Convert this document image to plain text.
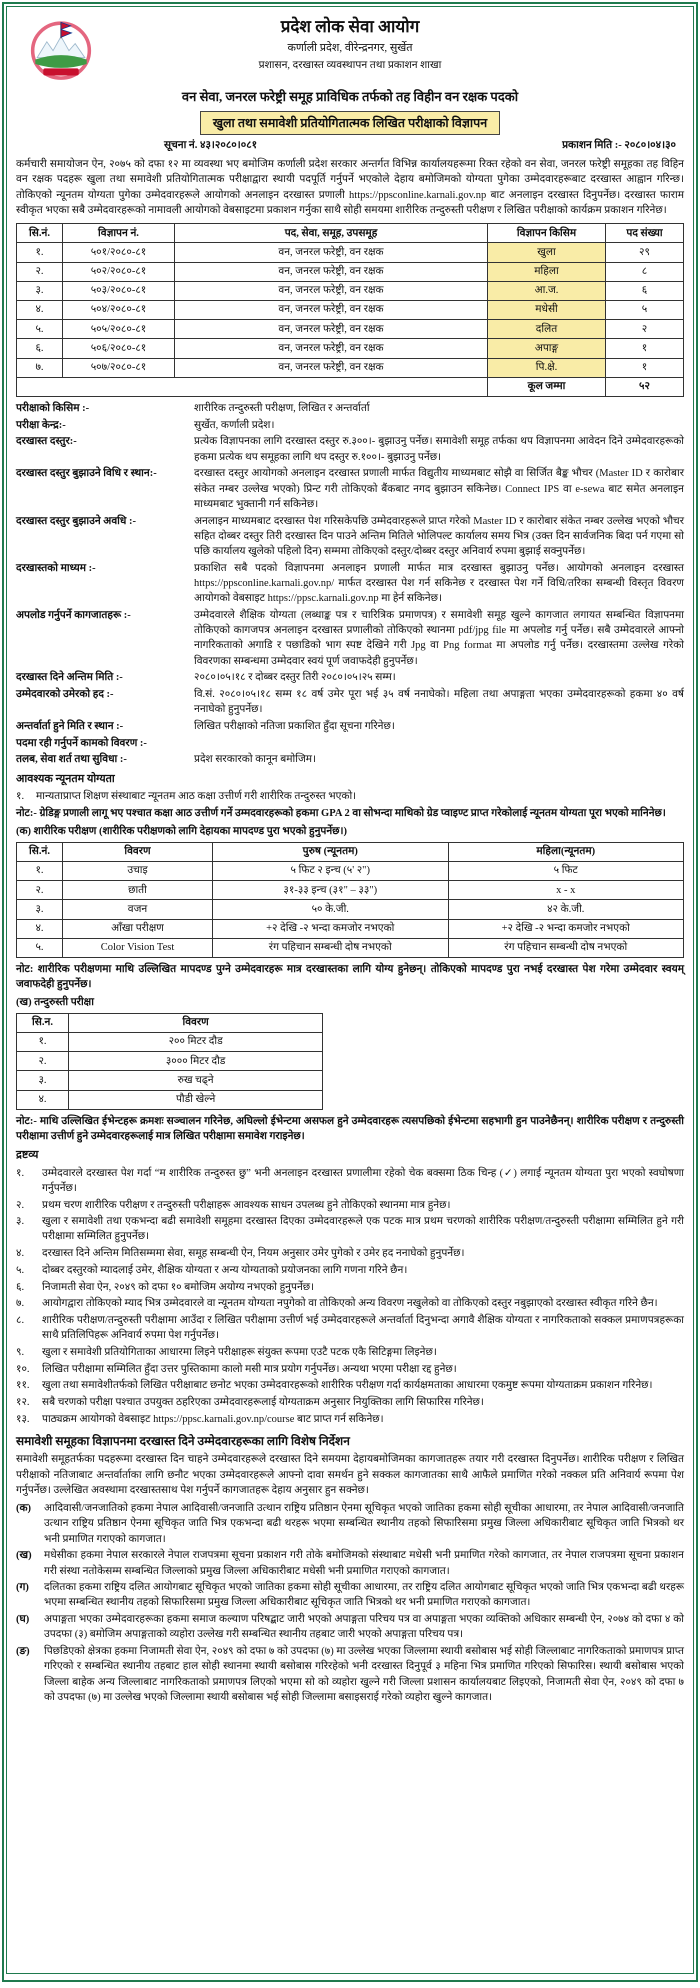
प्रदेश लोक सेवा आयोग
कर्णाली प्रदेश, वीरेन्द्रनगर, सुर्खेत
प्रशासन, दरखास्त व्यवस्थापन तथा प्रकाशन शाखा
वन सेवा, जनरल फरेष्ट्री समूह प्राविधिक तर्फको तह विहीन वन रक्षक पदको
खुला तथा समावेशी प्रतियोगितात्मक लिखित परीक्षाको विज्ञापन
सूचना नं. ४३।२०८०।०८१	प्रकाशन मिति :- २०८०।०४।३०

कर्मचारी समायोजन ऐन, २०७५ को दफा १२ मा व्यवस्था भए बमोजिम कर्णाली प्रदेश सरकार अन्तर्गत विभिन्न कार्यालयहरूमा रिक्त रहेको वन सेवा, जनरल फरेष्ट्री समूहका तह विहिन वन रक्षक पदहरू खुला तथा समावेशी प्रतियोगितात्मक परीक्षाद्वारा स्थायी पदपूर्ति गर्नुपर्ने भएकोले देहाय बमोजिमको योग्यता पुगेका उम्मेदवारहरूबाट दरखास्त आह्वान गरिन्छ। तोकिएको न्यूनतम योग्यता पुगेका उम्मेदवारहरूले आयोगको अनलाइन दरखास्त प्रणाली https://ppsconline.karnali.gov.np बाट अनलाइन दरखास्त दिनुपर्नेछ। दरखास्त फाराम स्वीकृत भएका सबै उम्मेदवारहरूको नामावली आयोगको वेबसाइटमा प्रकाशन गर्नुका साथै सोही समयमा शारीरिक तन्दुरुस्ती परीक्षण र लिखित परीक्षाको कार्यक्रम प्रकाशन गरिनेछ।

सि.नं.	विज्ञापन नं.	पद, सेवा, समूह, उपसमूह	विज्ञापन किसिम	पद संख्या
१.	५०१/२०८०-८१	वन, जनरल फरेष्ट्री, वन रक्षक	खुला	२९
२.	५०२/२०८०-८१	वन, जनरल फरेष्ट्री, वन रक्षक	महिला	८
३.	५०३/२०८०-८१	वन, जनरल फरेष्ट्री, वन रक्षक	आ.ज.	६
४.	५०४/२०८०-८१	वन, जनरल फरेष्ट्री, वन रक्षक	मधेसी	५
५.	५०५/२०८०-८१	वन, जनरल फरेष्ट्री, वन रक्षक	दलित	२
६.	५०६/२०८०-८१	वन, जनरल फरेष्ट्री, वन रक्षक	अपाङ्ग	१
७.	५०७/२०८०-८१	वन, जनरल फरेष्ट्री, वन रक्षक	पि.क्षे.	१
			कूल जम्मा	५२
परीक्षाको किसिम :-	शारीरिक तन्दुरुस्ती परीक्षण, लिखित र अन्तर्वार्ता
परीक्षा केन्द्र:-	सुर्खेत, कर्णाली प्रदेश।
दरखास्त दस्तुर:-	प्रत्येक विज्ञापनका लागि दरखास्त दस्तुर रु.३००।- बुझाउनु पर्नेछ। समावेशी समूह तर्फका थप विज्ञापनमा आवेदन दिने उम्मेदवारहरूको हकमा प्रत्येक थप समूहका लागि थप दस्तुर रु.१००।- बुझाउनु पर्नेछ।
दरखास्त दस्तुर बुझाउने विधि र स्थान:-	दरखास्त दस्तुर आयोगको अनलाइन दरखास्त प्रणाली मार्फत विद्युतीय माध्यमबाट सोझै वा सिर्जित बैङ्क भौचर (Master ID र कारोबार संकेत नम्बर उल्लेख भएको) प्रिन्ट गरी तोकिएको बैंकबाट नगद बुझाउन सकिनेछ। Connect IPS वा e-sewa बाट समेत अनलाइन माध्यमबाट भुक्तानी गर्न सकिनेछ।
दरखास्त दस्तुर बुझाउने अवधि :-	अनलाइन माध्यमबाट दरखास्त पेश गरिसकेपछि उम्मेदवारहरूले प्राप्त गरेको Master ID र कारोबार संकेत नम्बर उल्लेख भएको भौचर सहित दोब्बर दस्तुर तिरी दरखास्त दिन पाउने अन्तिम मितिले भोलिपल्ट कार्यालय समय भित्र (उक्त दिन सार्वजनिक बिदा पर्न गएमा सो पछि कार्यालय खुलेको पहिलो दिन) सम्ममा तोकिएको दस्तुर/दोब्बर दस्तुर अनिवार्य रुपमा बुझाई सक्नुपर्नेछ।
दरखास्तको माध्यम :-	प्रकाशित सबै पदको विज्ञापनमा अनलाइन प्रणाली मार्फत मात्र दरखास्त बुझाउनु पर्नेछ। आयोगको अनलाइन दरखास्त https://ppsconline.karnali.gov.np/ मार्फत दरखास्त पेश गर्न सकिनेछ र दरखास्त पेश गर्ने विधि/तरिका सम्बन्धी विस्तृत विवरण आयोगको वेबसाइट https://ppsc.karnali.gov.np मा हेर्न सकिनेछ।
अपलोड गर्नुपर्ने कागजातहरू :-	उम्मेदवारले शैक्षिक योग्यता (लब्धाङ्क पत्र र चारित्रिक प्रमाणपत्र) र समावेशी समूह खुल्ने कागजात लगायत सम्बन्धित विज्ञापनमा तोकिएको कागजपत्र अनलाइन दरखास्त प्रणालीको तोकिएको स्थानमा pdf/jpg file मा अपलोड गर्नु पर्नेछ। सबै उम्मेदवारले आफ्नो नागरिकताको अगाडि र पछाडिको भाग स्पष्ट देखिने गरी Jpg वा Png format मा अपलोड गर्नु पर्नेछ। दरखास्तमा उल्लेख गरेको विवरणका सम्बन्धमा उम्मेदवार स्वयं पूर्ण जवाफदेही हुनुपर्नेछ।
दरखास्त दिने अन्तिम मिति :-	२०८०।०५।१८ र दोब्बर दस्तुर तिरी २०८०।०५।२५ सम्म।
उम्मेदवारको उमेरको हद :-	वि.सं. २०८०।०५।१८ सम्म १८ वर्ष उमेर पूरा भई ३५ वर्ष ननाघेको। महिला तथा अपाङ्गता भएका उम्मेदवारहरूको हकमा ४० वर्ष ननाघेको हुनुपर्नेछ।
अन्तर्वार्ता हुने मिति र स्थान :-	लिखित परीक्षाको नतिजा प्रकाशित हुँदा सूचना गरिनेछ।
पदमा रही गर्नुपर्ने कामको विवरण :-
तलब, सेवा शर्त तथा सुविधा :-	प्रदेश सरकारको कानून बमोजिम।
आवश्यक न्यूनतम योग्यता
१.	मान्यताप्राप्त शिक्षण संस्थाबाट न्यूनतम आठ कक्षा उत्तीर्ण गरी शारीरिक तन्दुरुस्त भएको।
नोट:- ग्रेडिङ्ग प्रणाली लागू भए पश्चात कक्षा आठ उत्तीर्ण गर्ने उम्मदवारहरूको हकमा GPA 2 वा सोभन्दा माथिको ग्रेड प्वाइण्ट प्राप्त गरेकोलाई न्यूनतम योग्यता पूरा भएको मानिनेछ।
(क) शारीरिक परीक्षण (शारीरिक परीक्षणको लागि देहायका मापदण्ड पुरा भएको हुनुपर्नेछ।)
सि.नं.	विवरण	पुरुष (न्यूनतम)	महिला(न्यूनतम)
१.	उचाइ	५ फिट २ इन्च (५' २")	५ फिट
२.	छाती	३१-३३ इन्च (३१" – ३३")	x - x
३.	वजन	५० के.जी.	४२ के.जी.
४.	आँखा परीक्षण	+२ देखि -२ भन्दा कमजोर नभएको	+२ देखि -२ भन्दा कमजोर नभएको
५.	Color Vision Test	रंग पहिचान सम्बन्धी दोष नभएको	रंग पहिचान सम्बन्धी दोष नभएको
नोट: शारीरिक परीक्षणमा माथि उल्लिखित मापदण्ड पुग्ने उम्मेदवारहरू मात्र दरखास्तका लागि योग्य हुनेछन्। तोकिएको मापदण्ड पुरा नभई दरखास्त पेश गरेमा उम्मेदवार स्वयम् जवाफदेही हुनुपर्नेछ।
(ख) तन्दुरुस्ती परीक्षा
सि.न.	विवरण
१.	२०० मिटर दौड
२.	३००० मिटर दौड
३.	रुख चढ्ने
४.	पौडी खेल्ने
नोट:- माथि उल्लिखित ईभेन्टहरू क्रमशः सञ्चालन गरिनेछ, अघिल्लो ईभेन्टमा असफल हुने उम्मेदवारहरू त्यसपछिको ईभेन्टमा सहभागी हुन पाउनेछैनन्। शारीरिक परीक्षण र तन्दुरुस्ती परीक्षामा उत्तीर्ण हुने उम्मेदवारहरूलाई मात्र लिखित परीक्षामा समावेश गराइनेछ।
द्रष्टव्य
१.	उम्मेदवारले दरखास्त पेश गर्दा “म शारीरिक तन्दुरुस्त छु” भनी अनलाइन दरखास्त प्रणालीमा रहेको चेक बक्समा ठिक चिन्ह (✓) लगाई न्यूनतम योग्यता पुरा भएको स्वघोषणा गर्नुपर्नेछ।
२.	प्रथम चरण शारीरिक परीक्षण र तन्दुरुस्ती परीक्षाहरू आवश्यक साधन उपलब्ध हुने तोकिएको स्थानमा मात्र हुनेछ।
३.	खुला र समावेशी तथा एकभन्दा बढी समावेशी समूहमा दरखास्त दिएका उम्मेदवारहरूले एक पटक मात्र प्रथम चरणको शारीरिक परीक्षण/तन्दुरुस्ती परीक्षामा सम्मिलित हुने गरी परीक्षामा सम्मिलित हुनुपर्नेछ।
४.	दरखास्त दिने अन्तिम मितिसम्ममा सेवा, समूह सम्बन्धी ऐन, नियम अनुसार उमेर पुगेको र उमेर हद ननाघेको हुनुपर्नेछ।
५.	दोब्बर दस्तुरको म्यादलाई उमेर, शैक्षिक योग्यता र अन्य योग्यताको प्रयोजनका लागि गणना गरिने छैन।
६.	निजामती सेवा ऐन, २०४९ को दफा १० बमोजिम अयोग्य नभएको हुनुपर्नेछ।
७.	आयोगद्वारा तोकिएको म्याद भित्र उम्मेदवारले वा न्यूनतम योग्यता नपुगेको वा तोकिएको अन्य विवरण नखुलेको वा तोकिएको दस्तुर नबुझाएको दरखास्त स्वीकृत गरिने छैन।
८.	शारीरिक परीक्षण/तन्दुरुस्ती परीक्षामा आउँदा र लिखित परीक्षामा उत्तीर्ण भई उम्मेदवारहरूले अन्तर्वार्ता दिनुभन्दा अगावै शैक्षिक योग्यता र नागरिकताको सक्कल प्रमाणपत्रहरूका साथै प्रतिलिपिहरू अनिवार्य रुपमा पेश गर्नुपर्नेछ।
९.	खुला र समावेशी प्रतियोगिताका आधारमा लिइने परीक्षाहरू संयुक्त रूपमा एउटै पटक एकै सिटिङ्गमा लिइनेछ।
१०.	लिखित परीक्षामा सम्मिलित हुँदा उत्तर पुस्तिकामा कालो मसी मात्र प्रयोग गर्नुपर्नेछ। अन्यथा भएमा परीक्षा रद्द हुनेछ।
११.	खुला तथा समावेशीतर्फको लिखित परीक्षाबाट छनोट भएका उम्मेदवारहरूको शारीरिक परीक्षण गर्दा कार्यक्षमताका आधारमा एकमुष्ट रूपमा योग्यताक्रम प्रकाशन गरिनेछ।
१२.	सबै चरणको परीक्षा पश्चात उपयुक्त ठहरिएका उम्मेदवारहरूलाई योग्यताक्रम अनुसार नियुक्तिका लागि सिफारिस गरिनेछ।
१३.	पाठ्यक्रम आयोगको वेबसाइट https://ppsc.karnali.gov.np/course बाट प्राप्त गर्न सकिनेछ।
समावेशी समूहका विज्ञापनमा दरखास्त दिने उम्मेदवारहरूका लागि विशेष निर्देशन

समावेशी समूहतर्फका पदहरूमा दरखास्त दिन चाहने उम्मेदवारहरूले दरखास्त दिने समयमा देहायबमोजिमका कागजातहरू तयार गरी दरखास्त दिनुपर्नेछ। शारीरिक परीक्षण र लिखित परीक्षाको नतिजाबाट अन्तर्वार्ताका लागि छनौट भएका उम्मेदवारहरूले आफ्नो दावा समर्थन हुने सक्कल कागजातका साथै आफैले प्रमाणित गरेको नक्कल प्रति अनिवार्य रूपमा पेश गर्नुपर्नेछ। उल्लेखित अवस्थामा दरखास्तसाथ पेश गर्नुपर्ने कागजातहरू देहाय अनुसार हुन सक्नेछ।

(क)	आदिवासी/जनजातिको हकमा नेपाल आदिवासी/जनजाति उत्थान राष्ट्रिय प्रतिष्ठान ऐनमा सूचिकृत भएको जातिका हकमा सोही सूचीका आधारमा, तर नेपाल आदिवासी/जनजाति उत्थान राष्ट्रिय प्रतिष्ठान ऐनमा सूचिकृत जाति भित्र एकभन्दा बढी थरहरू भएमा सम्बन्धित स्थानीय तहको सिफारिसमा प्रमुख जिल्ला अधिकारीबाट सूचिकृत जाति भित्रको थर भनी प्रमाणित गराएको कागजात।
(ख)	मधेसीका हकमा नेपाल सरकारले नेपाल राजपत्रमा सूचना प्रकाशन गरी तोके बमोजिमको संस्थाबाट मधेसी भनी प्रमाणित गरेको कागजात, तर नेपाल राजपत्रमा सूचना प्रकाशन गरी संस्था नतोकेसम्म सम्बन्धित जिल्लाको प्रमुख जिल्ला अधिकारीबाट मधेसी भनी प्रमाणित गराएको कागजात।
(ग)	दलितका हकमा राष्ट्रिय दलित आयोगबाट सूचिकृत भएको जातिका हकमा सोही सूचीका आधारमा, तर राष्ट्रिय दलित आयोगबाट सूचिकृत भएको जाति भित्र एकभन्दा बढी थरहरू भएमा सम्बन्धित स्थानीय तहको सिफारिसमा प्रमुख जिल्ला अधिकारीबाट सूचिकृत जाति भित्रको थर भनी प्रमाणित गराएको कागजात।
(घ)	अपाङ्गता भएका उम्मेदवारहरूका हकमा समाज कल्याण परिषद्बाट जारी भएको अपाङ्गता परिचय पत्र वा अपाङ्गता भएका व्यक्तिको अधिकार सम्बन्धी ऐन, २०७४ को दफा ४ को उपदफा (३) बमोजिम अपाङ्गताको व्यहोरा उल्लेख गरी सम्बन्धित स्थानीय तहबाट जारी भएको अपाङ्गता परिचय पत्र।
(ङ)	पिछडिएको क्षेत्रका हकमा निजामती सेवा ऐन, २०४९ को दफा ७ को उपदफा (७) मा उल्लेख भएका जिल्लामा स्थायी बसोबास भई सोही जिल्लाबाट नागरिकताको प्रमाणपत्र प्राप्त गरिएको र सम्बन्धित स्थानीय तहबाट हाल सोही स्थानमा स्थायी बसोबास गरिरहेको भनी दरखास्त दिनुपूर्व ३ महिना भित्र प्रमाणित गरिएको सिफारिस। स्थायी बसोबास भएको जिल्ला बाहेक अन्य जिल्लाबाट नागरिकताको प्रमाणपत्र लिएको भएमा सो को व्यहोरा खुल्ने गरी जिल्ला प्रशासन कार्यालयबाट लिइएको, निजामती सेवा ऐन, २०४९ को दफा ७ को उपदफा (७) मा उल्लेख भएको जिल्लामा स्थायी बसोबास भई सोही जिल्लामा बसाइसराई गरेको व्यहोरा खुल्ने कागजात।
